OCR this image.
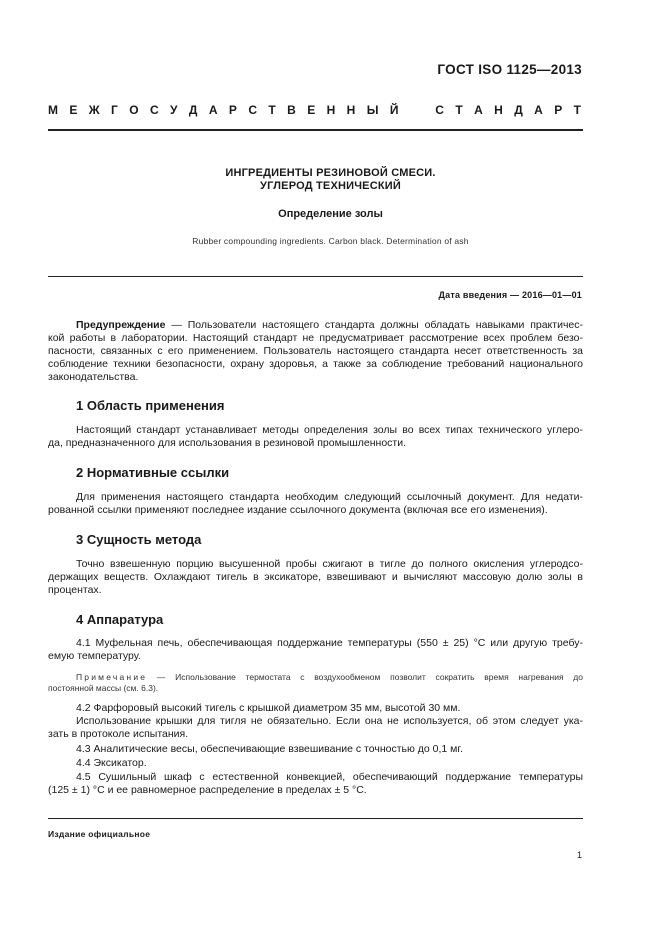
ГОСТ ISO 1125—2013
М Е Ж Г О С У Д А Р С Т В Е Н Н Ы Й	С Т А Н Д А Р Т
ИНГРЕДИЕНТЫ РЕЗИНОВОЙ СМЕСИ.
УГЛЕРОД ТЕХНИЧЕСКИЙ
Определение золы
Rubber compounding ingredients. Carbon black. Determination of ash
Дата введения — 2016—01—01
Предупреждение — Пользователи настоящего стандарта должны обладать навыками практичес-
кой работы в лаборатории. Настоящий стандарт не предусматривает рассмотрение всех проблем безо-
пасности, связанных с его применением. Пользователь настоящего стандарта несет ответственность за
соблюдение техники безопасности, охрану здоровья, а также за соблюдение требований национального
законодательства.
1 Область применения
Настоящий стандарт устанавливает методы определения золы во всех типах технического углеро-
да, предназначенного для использования в резиновой промышленности.
2 Нормативные ссылки
Для применения настоящего стандарта необходим следующий ссылочный документ. Для недати-
рованной ссылки применяют последнее издание ссылочного документа (включая все его изменения).
3 Сущность метода
Точно взвешенную порцию высушенной пробы сжигают в тигле до полного окисления углеродсо-
держащих веществ. Охлаждают тигель в эксикаторе, взвешивают и вычисляют массовую долю золы в
процентах.
4 Аппаратура
4.1 Муфельная печь, обеспечивающая поддержание температуры (550 ± 25) °С или другую требу-
емую температуру.
Примечание — Использование термостата с воздухообменом позволит сократить время нагревания до
постоянной массы (см. 6.3).
4.2 Фарфоровый высокий тигель с крышкой диаметром 35 мм, высотой 30 мм.
Использование крышки для тигля не обязательно. Если она не используется, об этом следует ука-
зать в протоколе испытания.
4.3 Аналитические весы, обеспечивающие взвешивание с точностью до 0,1 мг.
4.4 Эксикатор.
4.5 Сушильный шкаф с естественной конвекцией, обеспечивающий поддержание температуры
(125 ± 1) °С и ее равномерное распределение в пределах ± 5 °С.
Издание официальное
1
